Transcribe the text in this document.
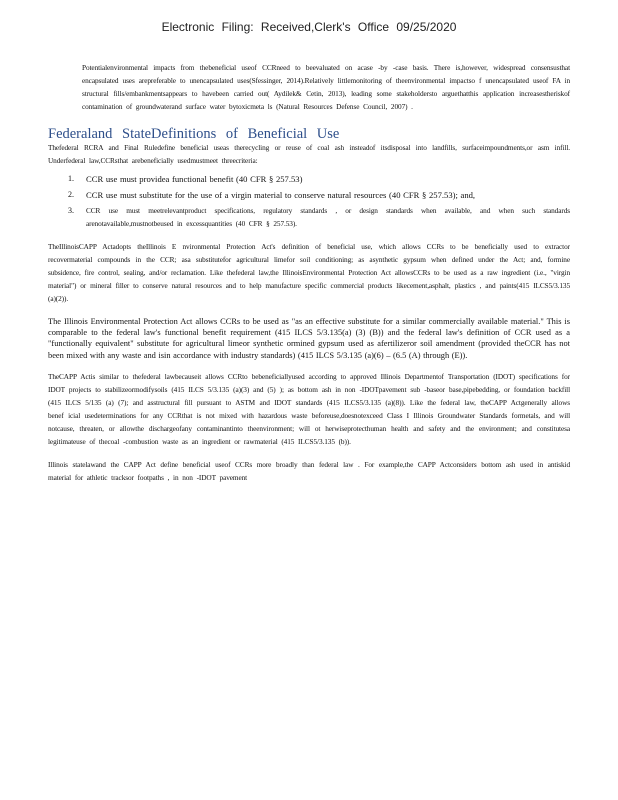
Electronic Filing: Received,Clerk's Office 09/25/2020

Potentialenvironmental impacts from thebeneficial useof CCRneed to beevaluated on acase -by -case basis. There is,however, widespread consensusthat encapsulated uses arepreferable to unencapsulated uses(Sfessinger, 2014).Relatively littlemonitoring of theenvironmental impactso f unencapsulated useof FA in structural fills/embankmentsappears to havebeen carried out( Aydilek& Cetin, 2013), leading some stakeholdersto arguethatthis application increasestheriskof contamination of groundwaterand surface water bytoxicmeta ls (Natural Resources Defense Council, 2007) .

Federaland StateDefinitions of Beneficial Use

Thefederal RCRA and Final Ruledefine beneficial useas therecycling or reuse of coal ash insteadof itsdisposal into landfills, surfaceimpoundments,or asm infill. Underfederal law,CCRsthat arebeneficially usedmustmeet threecriteria:

1.	CCR use must providea functional benefit (40 CFR § 257.53)

2.	CCR use must substitute for the use of a virgin material to conserve natural resources (40 CFR § 257.53); and,

3.	CCR use must meetrelevantproduct specifications, regulatory standards , or design standards when available, and when such standards arenotavailable,mustnotbeused in excessquantities (40 CFR § 257.53).

TheIllinoisCAPP Actadopts theIllinois E nvironmental Protection Act's definition of beneficial use, which allows CCRs to be beneficially used to extractor recovermaterial compounds in the CCR; asa substitutefor agricultural limefor soil conditioning; as asynthetic gypsum when defined under the Act; and, formine subsidence, fire control, sealing, and/or reclamation. Like thefederal law,the IllinoisEnvironmental Protection Act allowsCCRs to be used as a raw ingredient (i.e., "virgin material") or mineral filler to conserve natural resources and to help manufacture specific commercial products likecement,asphalt, plastics , and paints(415 ILCS5/3.135 (a)(2)).

The Illinois Environmental Protection Act allows CCRs to be used as "as an effective substitute for a similar commercially available material." This is comparable to the federal law's functional benefit requirement (415 ILCS 5/3.135(a) (3) (B)) and the federal law's definition of CCR used as a "functionally equivalent" substitute for agricultural limeor synthetic ormined gypsum used as afertilizeror soil amendment (provided theCCR has not been mixed with any waste and isin accordance with industry standards) (415 ILCS 5/3.135 (a)(6) – (6.5 (A) through (E)).

TheCAPP Actis similar to thefederal lawbecauseit allows CCRto bebeneficiallyused according to approved Illinois Departmentof Transportation (IDOT) specifications for IDOT projects to stabilizeormodifysoils (415 ILCS 5/3.135 (a)(3) and (5) ); as bottom ash in non -IDOTpavement sub -baseor base,pipebedding, or foundation backfill (415 ILCS 5/135 (a) (7); and asstructural fill pursuant to ASTM and IDOT standards (415 ILCS5/3.135 (a)(8)). Like the federal law, theCAPP Actgenerally allows benef icial usedeterminations for any CCRthat is not mixed with hazardous waste beforeuse,doesnotexceed Class I Illinois Groundwater Standards formetals, and will notcause, threaten, or allowthe dischargeofany contaminantinto theenvironment; will ot herwiseprotecthuman health and safety and the environment; and constitutesa legitimateuse of thecoal -combustion waste as an ingredient or rawmaterial (415 ILCS5/3.135 (b)).

Illinois statelawand the CAPP Act define beneficial useof CCRs more broadly than federal law . For example,the CAPP Actconsiders bottom ash used in antiskid material for athletic tracksor footpaths , in non -IDOT pavement
